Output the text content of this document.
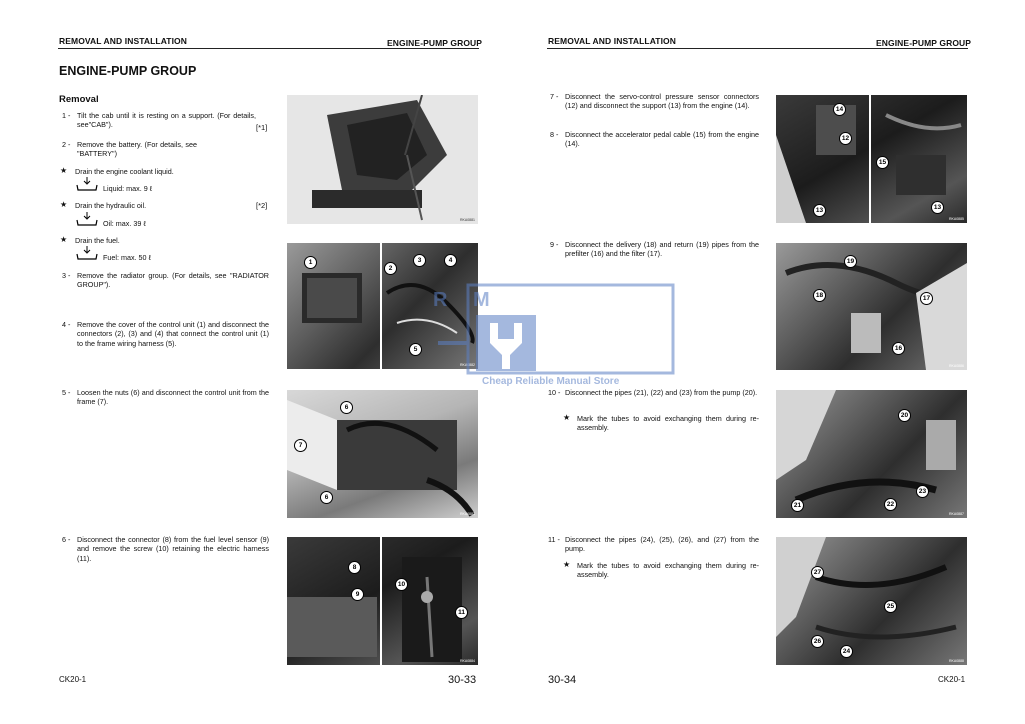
REMOVAL AND INSTALLATION	ENGINE-PUMP GROUP	REMOVAL AND INSTALLATION	ENGINE-PUMP GROUP
ENGINE-PUMP GROUP
Removal
1 - Tilt the cab until it is resting on a support. (For details, see"CAB").	[*1]
2 - Remove the battery. (For details, see "BATTERY")
★ Drain the engine coolant liquid.
Liquid: max. 9 ℓ
★ Drain the hydraulic oil.	[*2]
Oil: max. 39 ℓ
★ Drain the fuel.
Fuel: max. 50 ℓ
3 - Remove the radiator group. (For details, see "RADIATOR GROUP").
4 - Remove the cover of the control unit (1) and disconnect the connectors (2), (3) and (4) that connect the control unit (1) to the frame wiring harness (5).
5 - Loosen the nuts (6) and disconnect the control unit from the frame (7).
6 - Disconnect the connector (8) from the fuel level sensor (9) and remove the screw (10) retaining the electric harness (11).
RKA0881
1
2
3	4
5
RKA0882
6
7
6
RKA0883
8
9
10
11
RKA0884
7 - Disconnect the servo-control pressure sensor connectors (12) and disconnect the support (13) from the engine (14).
8 - Disconnect the accelerator pedal cable (15) from the engine (14).
9 - Disconnect the delivery (18) and return (19) pipes from the prefilter (16) and the filter (17).
10 - Disconnect the pipes (21), (22) and (23) from the pump (20).
★ Mark the tubes to avoid exchanging them during re-assembly.
11 - Disconnect the pipes (24), (25), (26), and (27) from the pump.
★ Mark the tubes to avoid exchanging them during re-assembly.
14
12
13
15
13
RKA0885
19
18	17
16
RKA0886
20
23
22
21
RKA0887
27
25
26
24
RKA0888
R M
Cheap Reliable Manual Store
CK20-1	30-33	30-34	CK20-1
